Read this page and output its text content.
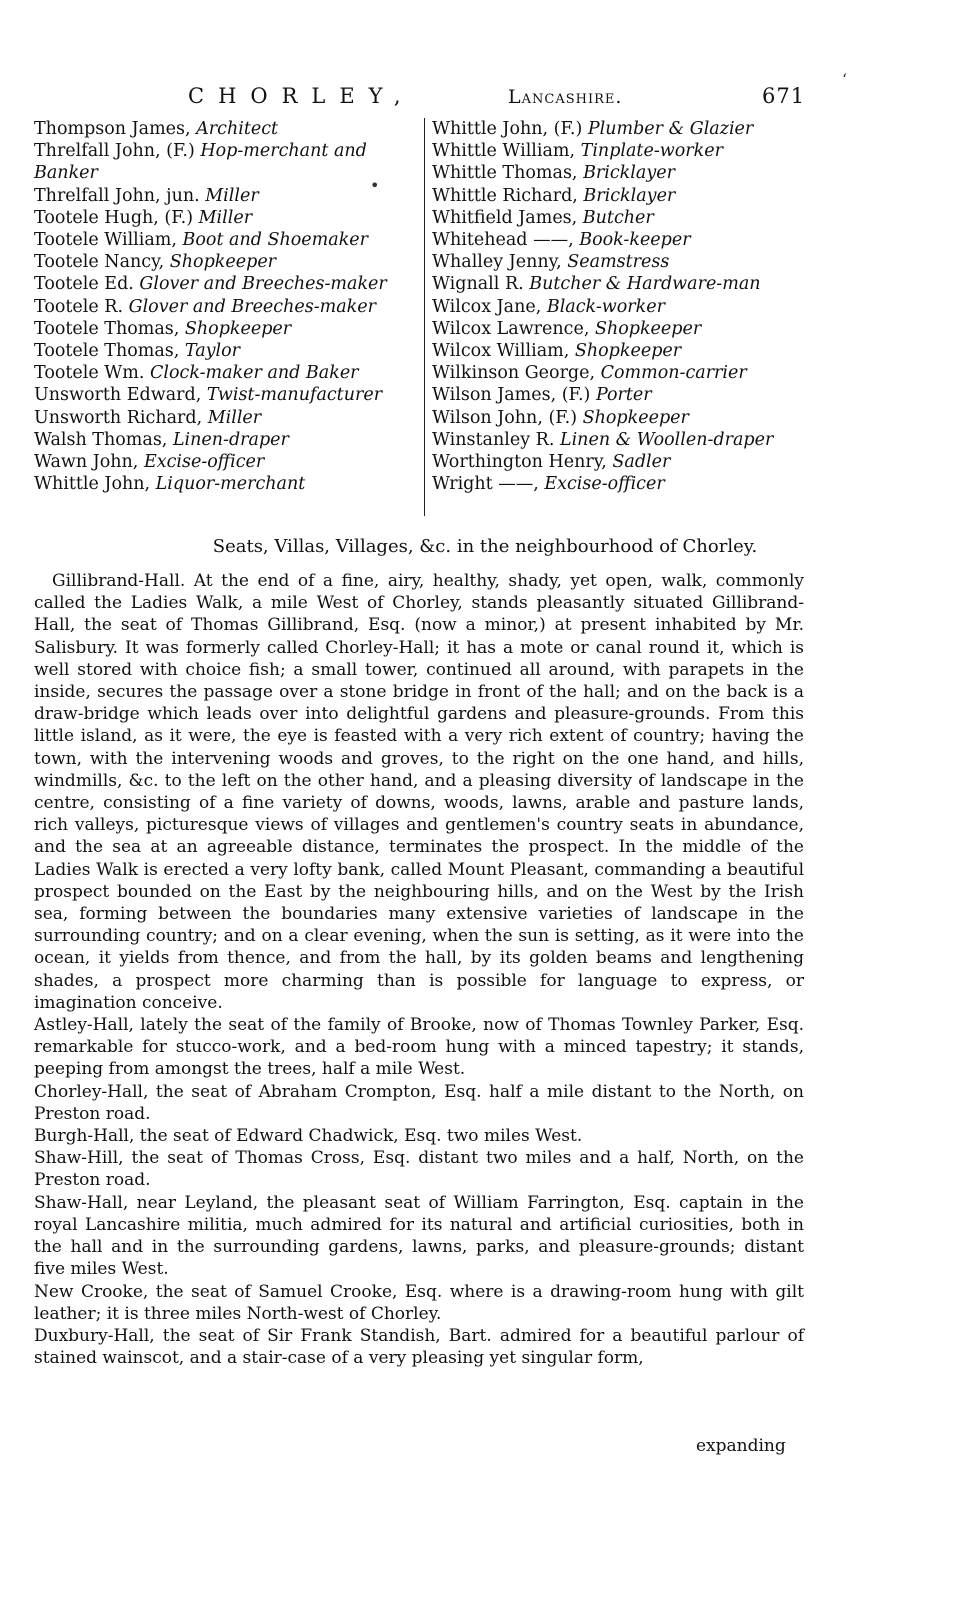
CHORLEY,	Lancashire.	671
Thompson James, Architect
Threlfall John, (F.) Hop-merchant and
Banker
Threlfall John, jun. Miller
Tootele Hugh, (F.) Miller
Tootele William, Boot and Shoemaker
Tootele Nancy, Shopkeeper
Tootele Ed. Glover and Breeches-maker
Tootele R. Glover and Breeches-maker
Tootele Thomas, Shopkeeper
Tootele Thomas, Taylor
Tootele Wm. Clock-maker and Baker
Unsworth Edward, Twist-manufacturer
Unsworth Richard, Miller
Walsh Thomas, Linen-draper
Wawn John, Excise-officer
Whittle John, Liquor-merchant
Whittle John, (F.) Plumber & Glazier
Whittle William, Tinplate-worker
Whittle Thomas, Bricklayer
Whittle Richard, Bricklayer
Whitfield James, Butcher
Whitehead ——, Book-keeper
Whalley Jenny, Seamstress
Wignall R. Butcher & Hardware-man
Wilcox Jane, Black-worker
Wilcox Lawrence, Shopkeeper
Wilcox William, Shopkeeper
Wilkinson George, Common-carrier
Wilson James, (F.) Porter
Wilson John, (F.) Shopkeeper
Winstanley R. Linen & Woollen-draper
Worthington Henry, Sadler
Wright ——, Excise-officer
Seats, Villas, Villages, &c. in the neighbourhood of Chorley.

Gillibrand-Hall. At the end of a fine, airy, healthy, shady, yet open, walk, commonly called the Ladies Walk, a mile West of Chorley, stands pleasantly situated Gillibrand-Hall, the seat of Thomas Gillibrand, Esq. (now a minor,) at present inhabited by Mr. Salisbury. It was formerly called Chorley-Hall; it has a mote or canal round it, which is well stored with choice fish; a small tower, continued all around, with parapets in the inside, secures the passage over a stone bridge in front of the hall; and on the back is a draw-bridge which leads over into delightful gardens and pleasure-grounds. From this little island, as it were, the eye is feasted with a very rich extent of country; having the town, with the intervening woods and groves, to the right on the one hand, and hills, windmills, &c. to the left on the other hand, and a pleasing diversity of landscape in the centre, consisting of a fine variety of downs, woods, lawns, arable and pasture lands, rich valleys, picturesque views of villages and gentlemen's country seats in abundance, and the sea at an agreeable distance, terminates the prospect. In the middle of the Ladies Walk is erected a very lofty bank, called Mount Pleasant, commanding a beautiful prospect bounded on the East by the neighbouring hills, and on the West by the Irish sea, forming between the boundaries many extensive varieties of landscape in the surrounding country; and on a clear evening, when the sun is setting, as it were into the ocean, it yields from thence, and from the hall, by its golden beams and lengthening shades, a prospect more charming than is possible for language to express, or imagination conceive.

Astley-Hall, lately the seat of the family of Brooke, now of Thomas Townley Parker, Esq. remarkable for stucco-work, and a bed-room hung with a minced tapestry; it stands, peeping from amongst the trees, half a mile West.

Chorley-Hall, the seat of Abraham Crompton, Esq. half a mile distant to the North, on Preston road.

Burgh-Hall, the seat of Edward Chadwick, Esq. two miles West.

Shaw-Hill, the seat of Thomas Cross, Esq. distant two miles and a half, North, on the Preston road.

Shaw-Hall, near Leyland, the pleasant seat of William Farrington, Esq. captain in the royal Lancashire militia, much admired for its natural and artificial curiosities, both in the hall and in the surrounding gardens, lawns, parks, and pleasure-grounds; distant five miles West.

New Crooke, the seat of Samuel Crooke, Esq. where is a drawing-room hung with gilt leather; it is three miles North-west of Chorley.

Duxbury-Hall, the seat of Sir Frank Standish, Bart. admired for a beautiful parlour of stained wainscot, and a stair-case of a very pleasing yet singular form,

expanding
•
‘
